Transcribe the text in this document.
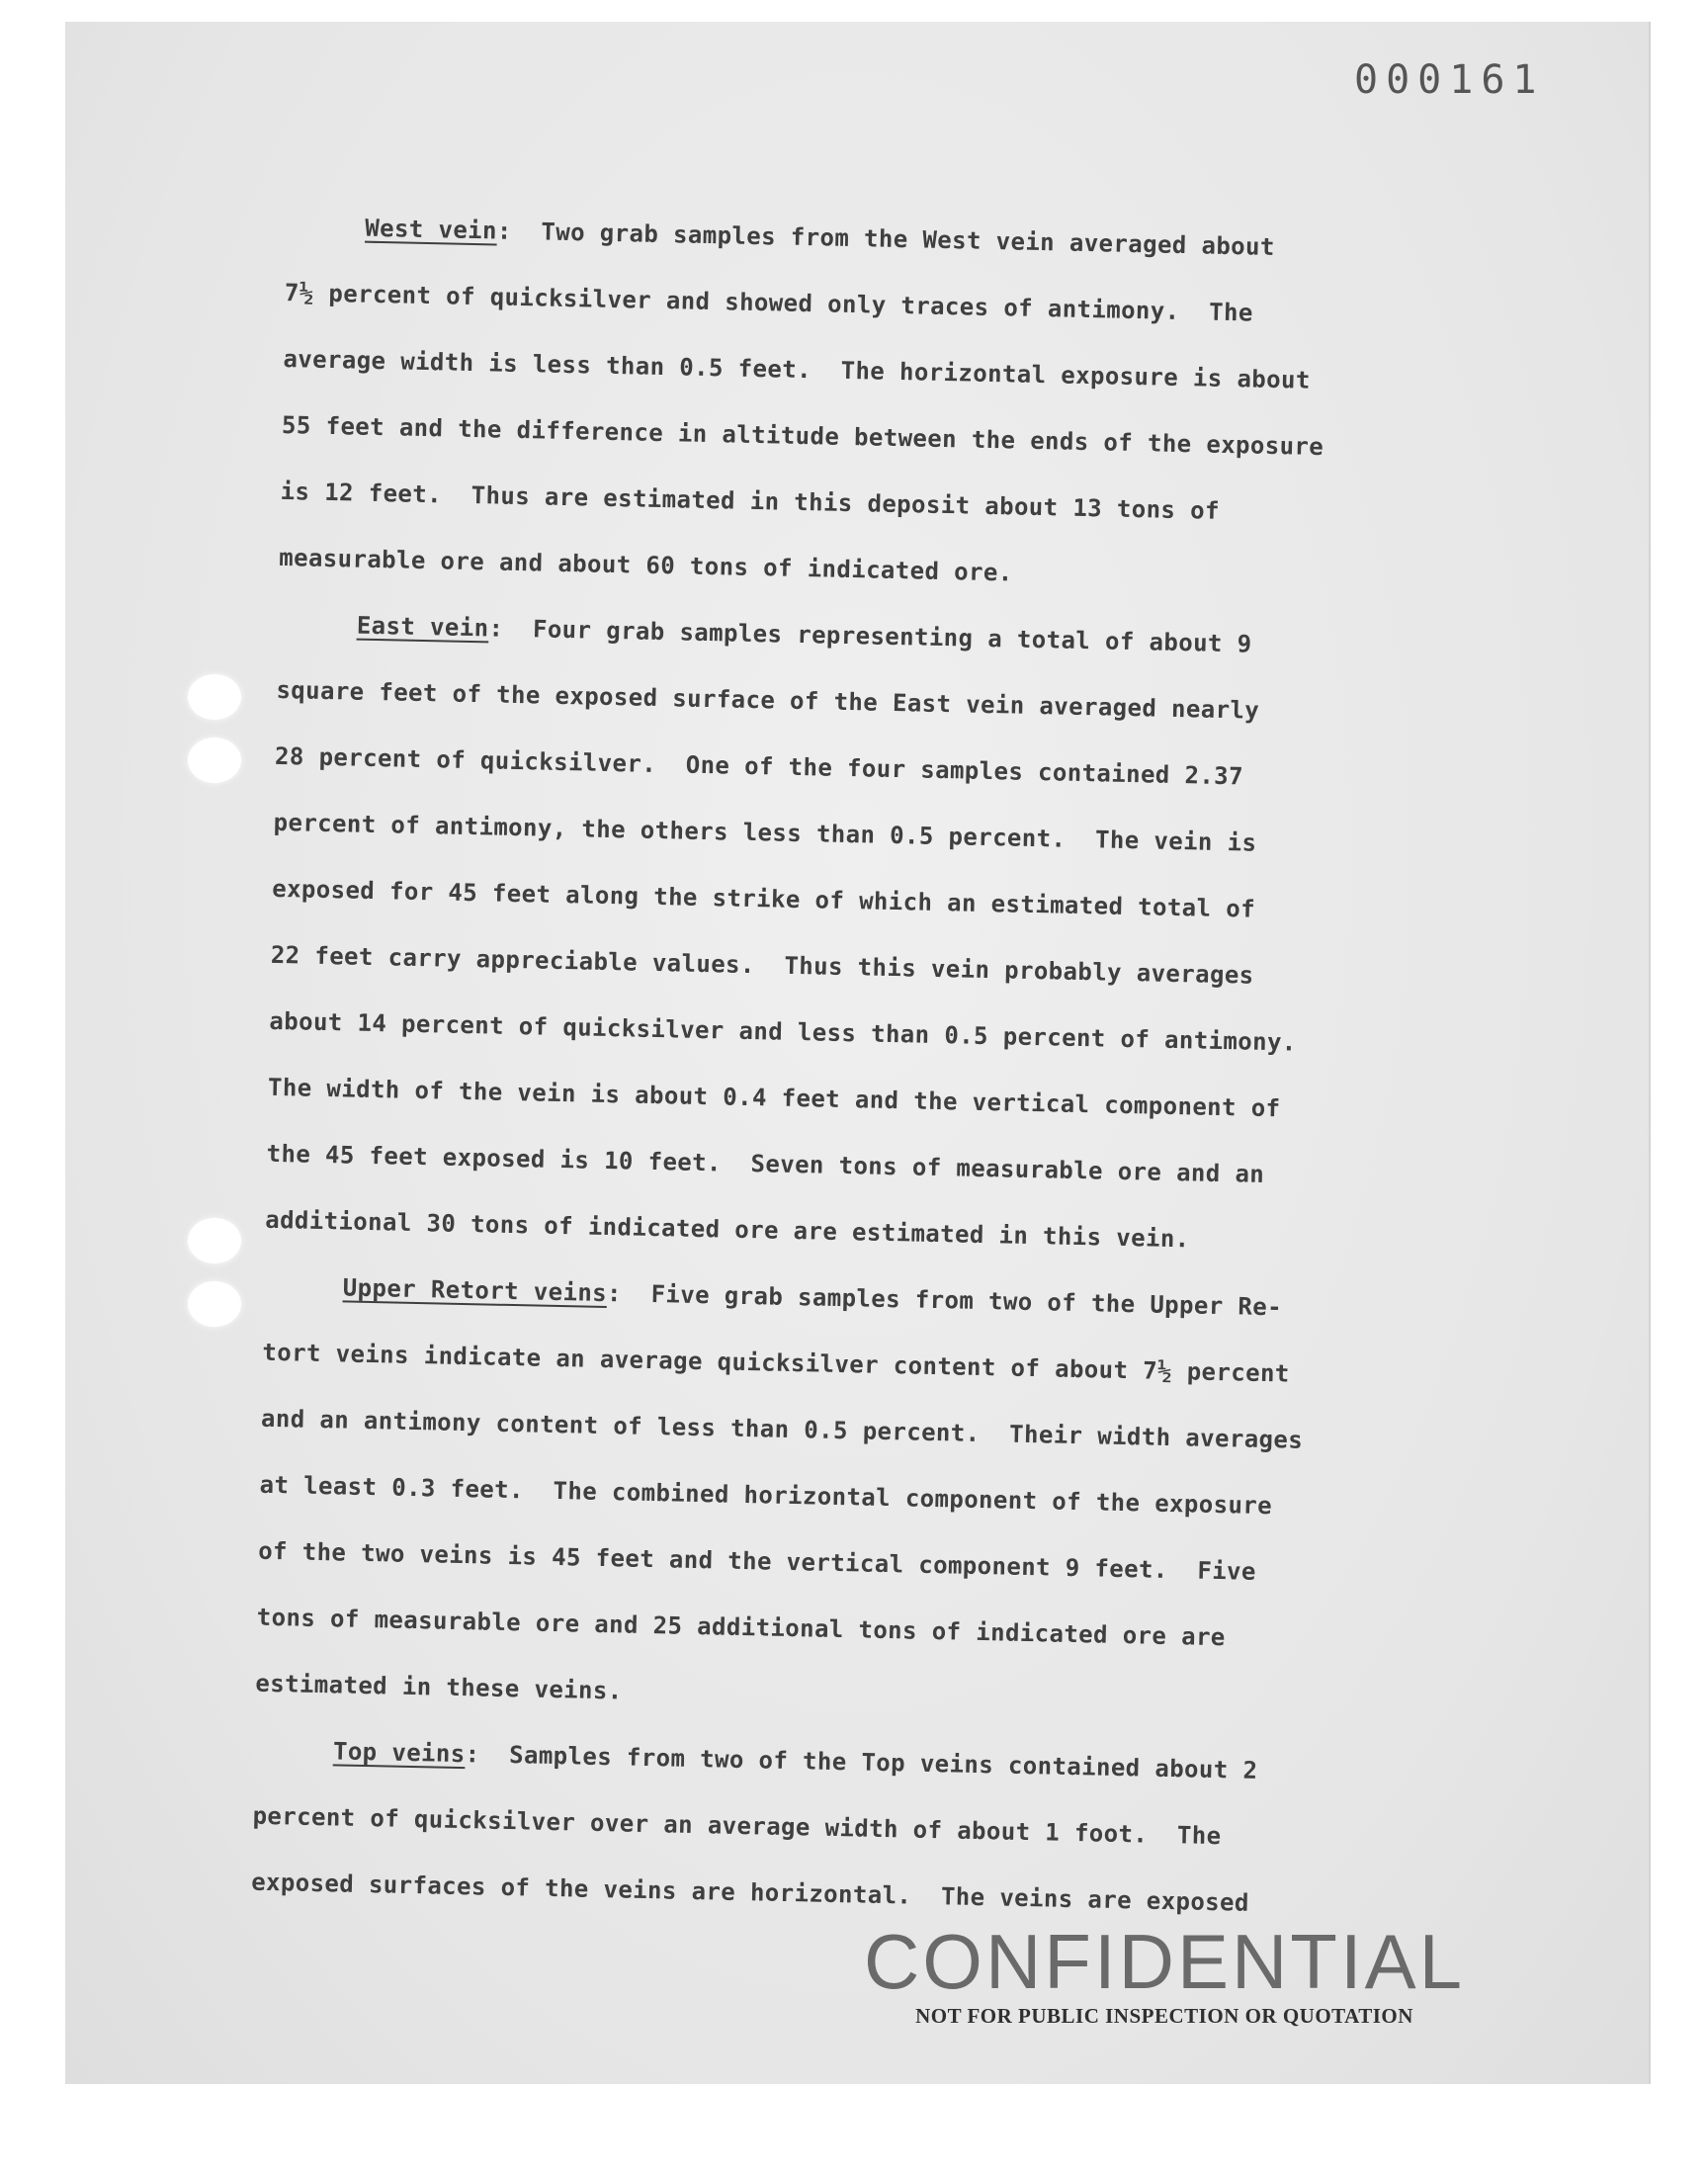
000161

West vein:  Two grab samples from the West vein averaged about
7½ percent of quicksilver and showed only traces of antimony.  The
average width is less than 0.5 feet.  The horizontal exposure is about
55 feet and the difference in altitude between the ends of the exposure
is 12 feet.  Thus are estimated in this deposit about 13 tons of
measurable ore and about 60 tons of indicated ore.

East vein:  Four grab samples representing a total of about 9
square feet of the exposed surface of the East vein averaged nearly
28 percent of quicksilver.  One of the four samples contained 2.37
percent of antimony, the others less than 0.5 percent.  The vein is
exposed for 45 feet along the strike of which an estimated total of
22 feet carry appreciable values.  Thus this vein probably averages
about 14 percent of quicksilver and less than 0.5 percent of antimony.
The width of the vein is about 0.4 feet and the vertical component of
the 45 feet exposed is 10 feet.  Seven tons of measurable ore and an
additional 30 tons of indicated ore are estimated in this vein.

Upper Retort veins:  Five grab samples from two of the Upper Re-
tort veins indicate an average quicksilver content of about 7½ percent
and an antimony content of less than 0.5 percent.  Their width averages
at least 0.3 feet.  The combined horizontal component of the exposure
of the two veins is 45 feet and the vertical component 9 feet.  Five
tons of measurable ore and 25 additional tons of indicated ore are
estimated in these veins.

Top veins:  Samples from two of the Top veins contained about 2
percent of quicksilver over an average width of about 1 foot.  The
exposed surfaces of the veins are horizontal.  The veins are exposed

CONFIDENTIAL
NOT FOR PUBLIC INSPECTION OR QUOTATION
